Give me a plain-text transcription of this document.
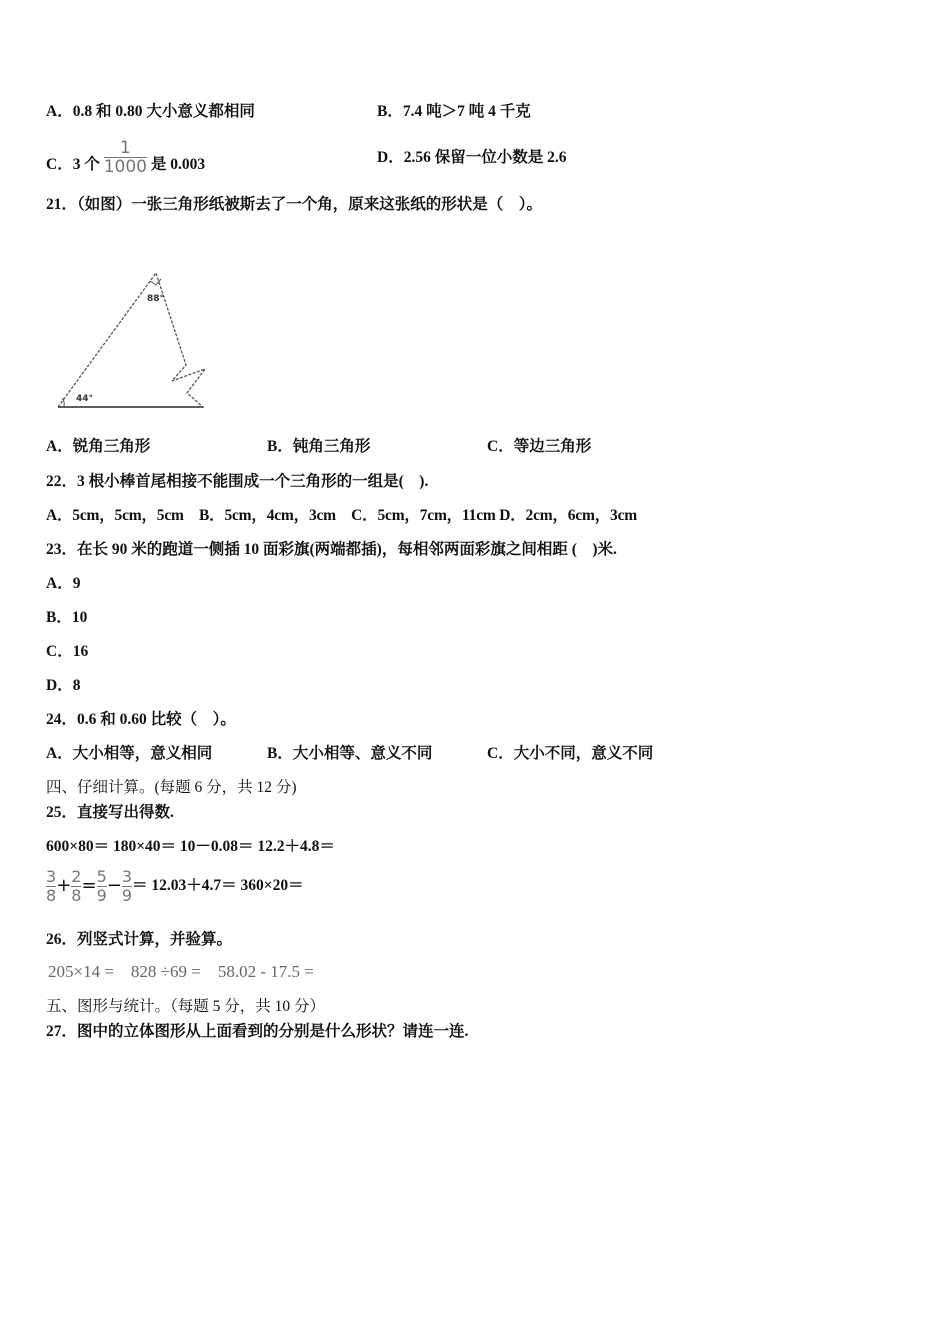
A．0.8 和 0.80 大小意义都相同	B．7.4 吨＞7 吨 4 千克
C．3 个 $\frac{1}{1000}$ 是 0.003	D．2.56 保留一位小数是 2.6
21．（如图）一张三角形纸被斯去了一个角，原来这张纸的形状是（　）。
88°
44°
A．锐角三角形	B．钝角三角形	C．等边三角形
22．3 根小棒首尾相接不能围成一个三角形的一组是(　).
A．5cm，5cm，5cm　B．5cm，4cm，3cm　C．5cm，7cm，11cm D．2cm，6cm，3cm
23．在长 90 米的跑道一侧插 10 面彩旗(两端都插)，每相邻两面彩旗之间相距 (　)米.
A．9
B．10
C．16
D．8
24．0.6 和 0.60 比较（　）。
A．大小相等，意义相同	B．大小相等、意义不同	C．大小不同，意义不同
四、仔细计算。(每题 6 分，共 12 分)
25．直接写出得数.
600×80＝ 180×40＝ 10－0.08＝ 12.2＋4.8＝
$\frac{3}{8} + \frac{2}{8} = \frac{5}{9} - \frac{3}{9} = 12.03+4.7= 360\times 20=$
26．列竖式计算，并验算。
205×14 =　828 ÷69 =　58.02 - 17.5 =
五、图形与统计。（每题 5 分，共 10 分）
27．图中的立体图形从上面看到的分别是什么形状？请连一连.
